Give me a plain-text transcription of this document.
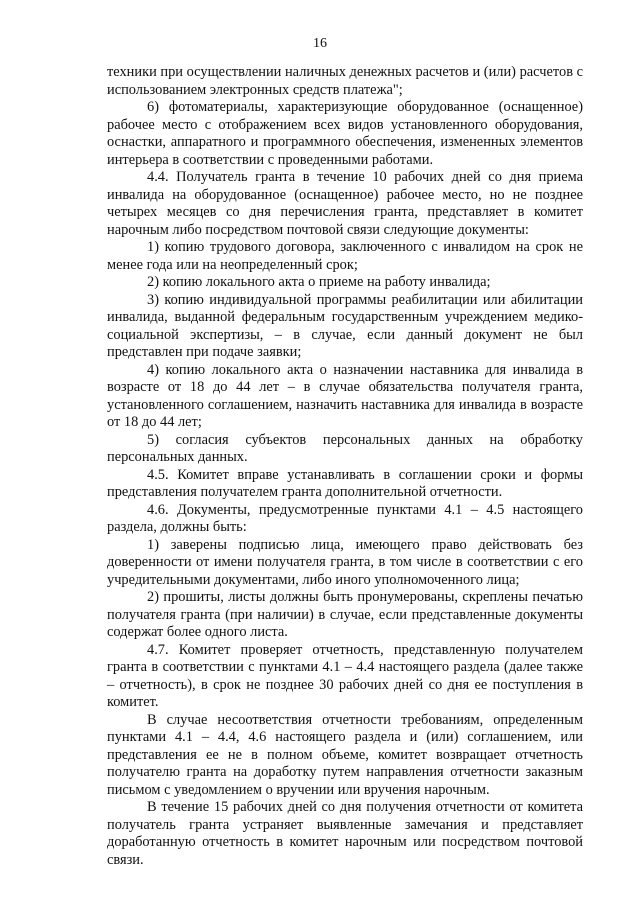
16

техники при осуществлении наличных денежных расчетов и (или) расчетов с использованием электронных средств платежа";

6) фотоматериалы, характеризующие оборудованное (оснащенное) рабочее место с отображением всех видов установленного оборудования, оснастки, аппаратного и программного обеспечения, измененных элементов интерьера в соответствии с проведенными работами.

4.4. Получатель гранта в течение 10 рабочих дней со дня приема инвалида на оборудованное (оснащенное) рабочее место, но не позднее четырех месяцев со дня перечисления гранта, представляет в комитет нарочным либо посредством почтовой связи следующие документы:

1) копию трудового договора, заключенного с инвалидом на срок не менее года или на неопределенный срок;

2) копию локального акта о приеме на работу инвалида;

3) копию индивидуальной программы реабилитации или абилитации инвалида, выданной федеральным государственным учреждением медико-социальной экспертизы, – в случае, если данный документ не был представлен при подаче заявки;

4) копию локального акта о назначении наставника для инвалида в возрасте от 18 до 44 лет – в случае обязательства получателя гранта, установленного соглашением, назначить наставника для инвалида в возрасте от 18 до 44 лет;

5) согласия субъектов персональных данных на обработку персональных данных.

4.5. Комитет вправе устанавливать в соглашении сроки и формы представления получателем гранта дополнительной отчетности.

4.6. Документы, предусмотренные пунктами 4.1 – 4.5 настоящего раздела, должны быть:

1) заверены подписью лица, имеющего право действовать без доверенности от имени получателя гранта, в том числе в соответствии с его учредительными документами, либо иного уполномоченного лица;

2) прошиты, листы должны быть пронумерованы, скреплены печатью получателя гранта (при наличии) в случае, если представленные документы содержат более одного листа.

4.7. Комитет проверяет отчетность, представленную получателем гранта в соответствии с пунктами 4.1 – 4.4 настоящего раздела (далее также – отчетность), в срок не позднее 30 рабочих дней со дня ее поступления в комитет.

В случае несоответствия отчетности требованиям, определенным пунктами 4.1 – 4.4, 4.6 настоящего раздела и (или) соглашением, или представления ее не в полном объеме, комитет возвращает отчетность получателю гранта на доработку путем направления отчетности заказным письмом с уведомлением о вручении или вручения нарочным.

В течение 15 рабочих дней со дня получения отчетности от комитета получатель гранта устраняет выявленные замечания и представляет доработанную отчетность в комитет нарочным или посредством почтовой связи.
